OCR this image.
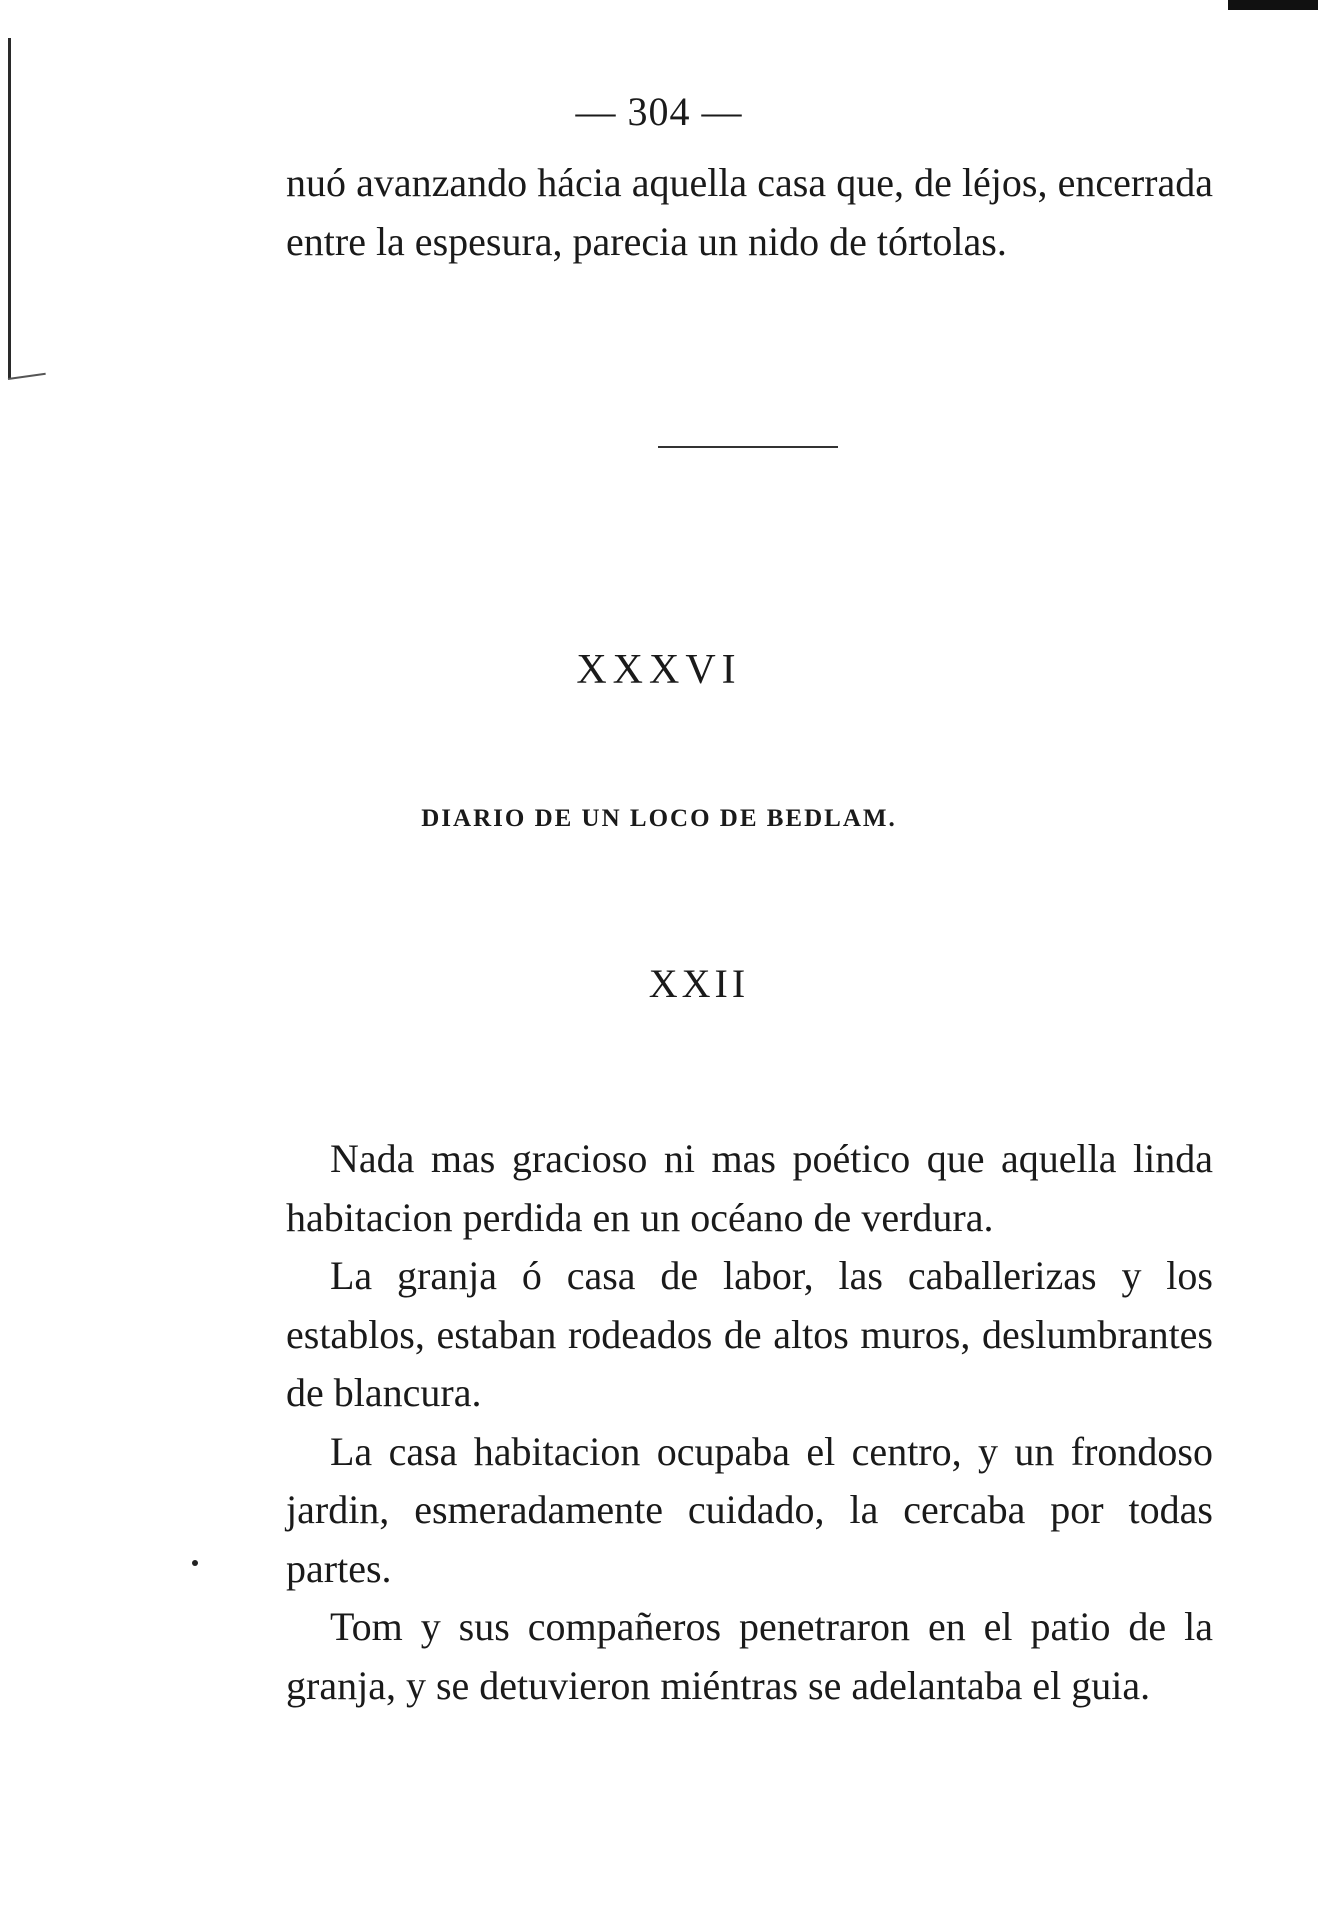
— 304 —

nuó avanzando hácia aquella casa que, de léjos, encerrada entre la espesura, parecia un nido de tórtolas.

XXXVI
DIARIO DE UN LOCO DE BEDLAM.
XXII

Nada mas gracioso ni mas poético que aquella linda habitacion perdida en un océano de verdura.

La granja ó casa de labor, las caballerizas y los establos, estaban rodeados de altos muros, deslumbrantes de blancura.

La casa habitacion ocupaba el centro, y un frondoso jardin, esmeradamente cuidado, la cercaba por todas partes.

Tom y sus compañeros penetraron en el patio de la granja, y se detuvieron miéntras se adelantaba el guia.
